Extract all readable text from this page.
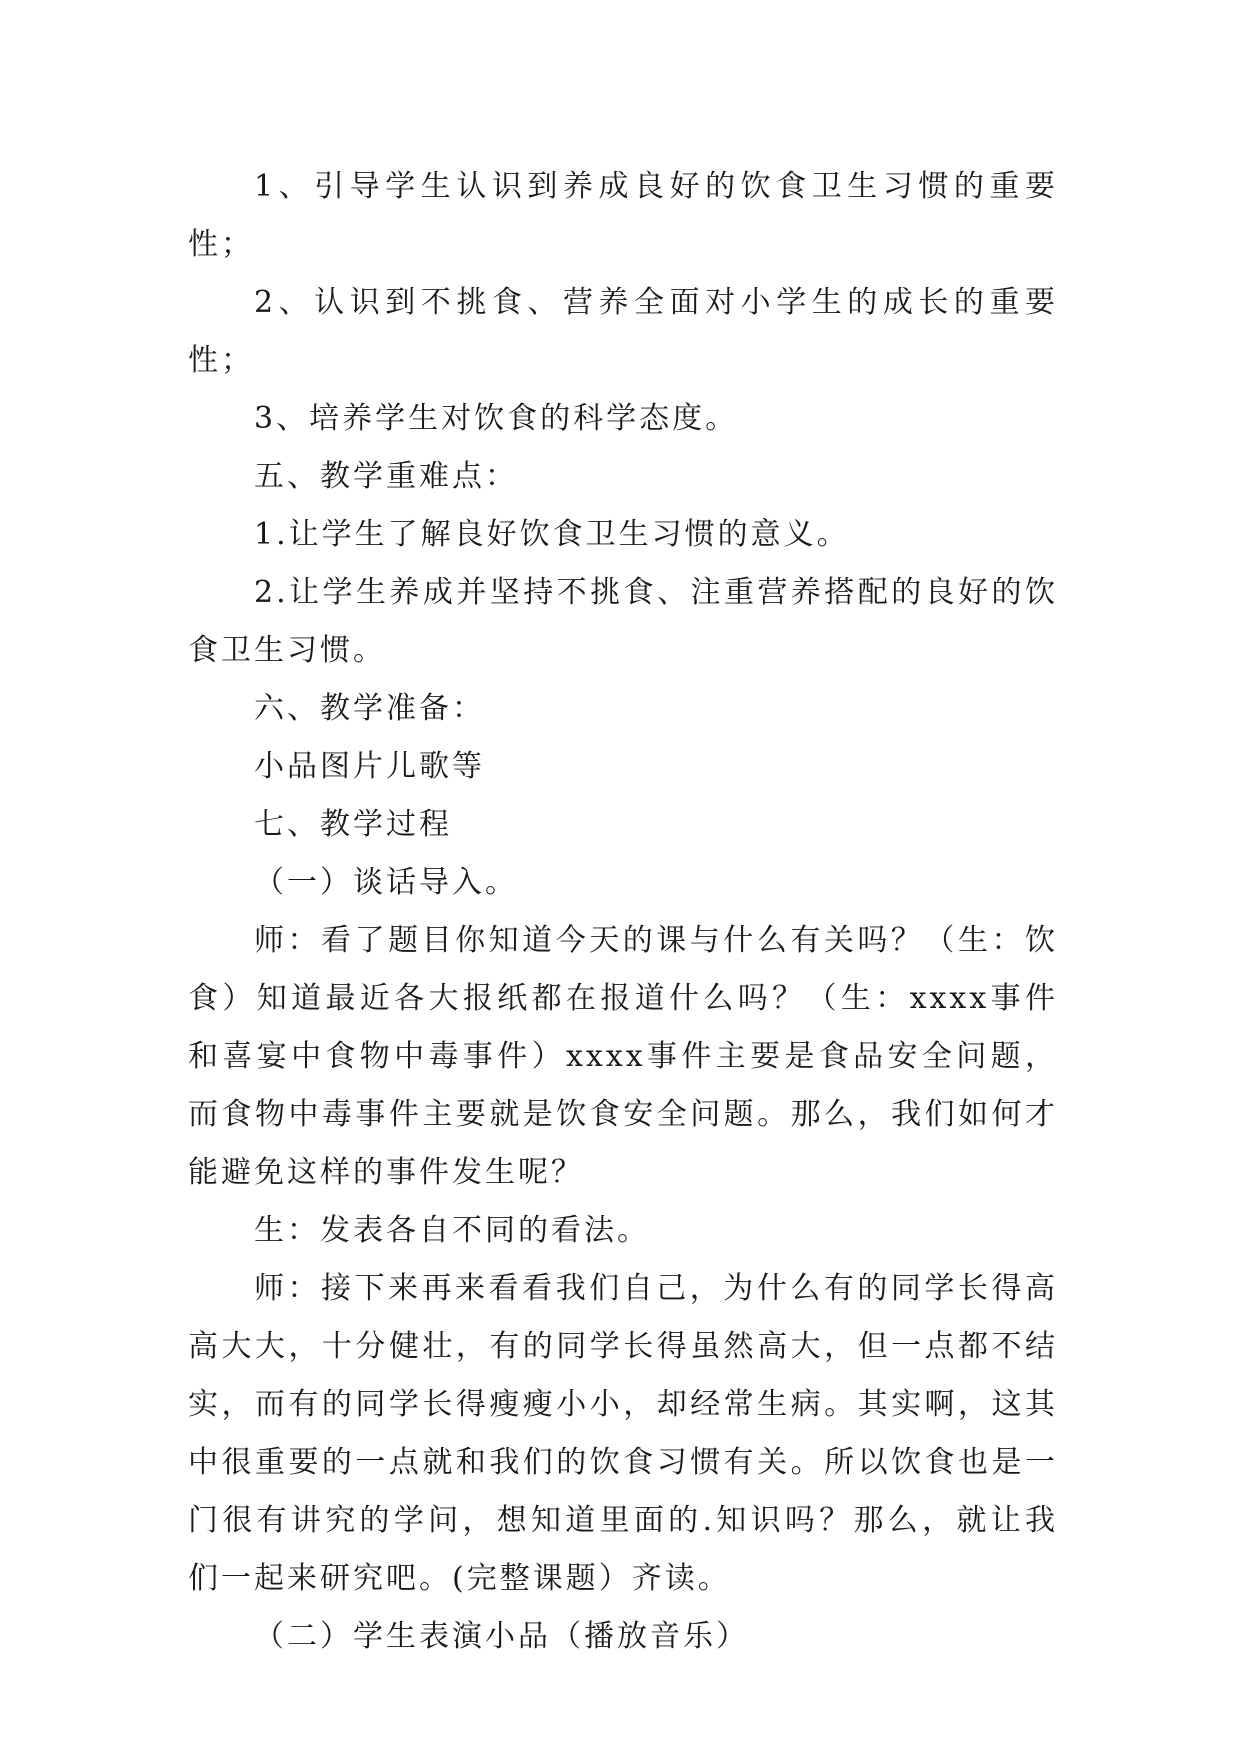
1、引导学生认识到养成良好的饮食卫生习惯的重要性；

2、认识到不挑食、营养全面对小学生的成长的重要性；

3、培养学生对饮食的科学态度。

五、教学重难点：

1.让学生了解良好饮食卫生习惯的意义。

2.让学生养成并坚持不挑食、注重营养搭配的良好的饮食卫生习惯。

六、教学准备：

小品图片儿歌等

七、教学过程

（一）谈话导入。

师：看了题目你知道今天的课与什么有关吗？（生：饮食）知道最近各大报纸都在报道什么吗？（生：xxxx事件和喜宴中食物中毒事件）xxxx事件主要是食品安全问题，而食物中毒事件主要就是饮食安全问题。那么，我们如何才能避免这样的事件发生呢？

生：发表各自不同的看法。

师：接下来再来看看我们自己，为什么有的同学长得高高大大，十分健壮，有的同学长得虽然高大，但一点都不结实，而有的同学长得瘦瘦小小，却经常生病。其实啊，这其中很重要的一点就和我们的饮食习惯有关。所以饮食也是一门很有讲究的学问，想知道里面的.知识吗？那么，就让我们一起来研究吧。(完整课题）齐读。

（二）学生表演小品（播放音乐）
